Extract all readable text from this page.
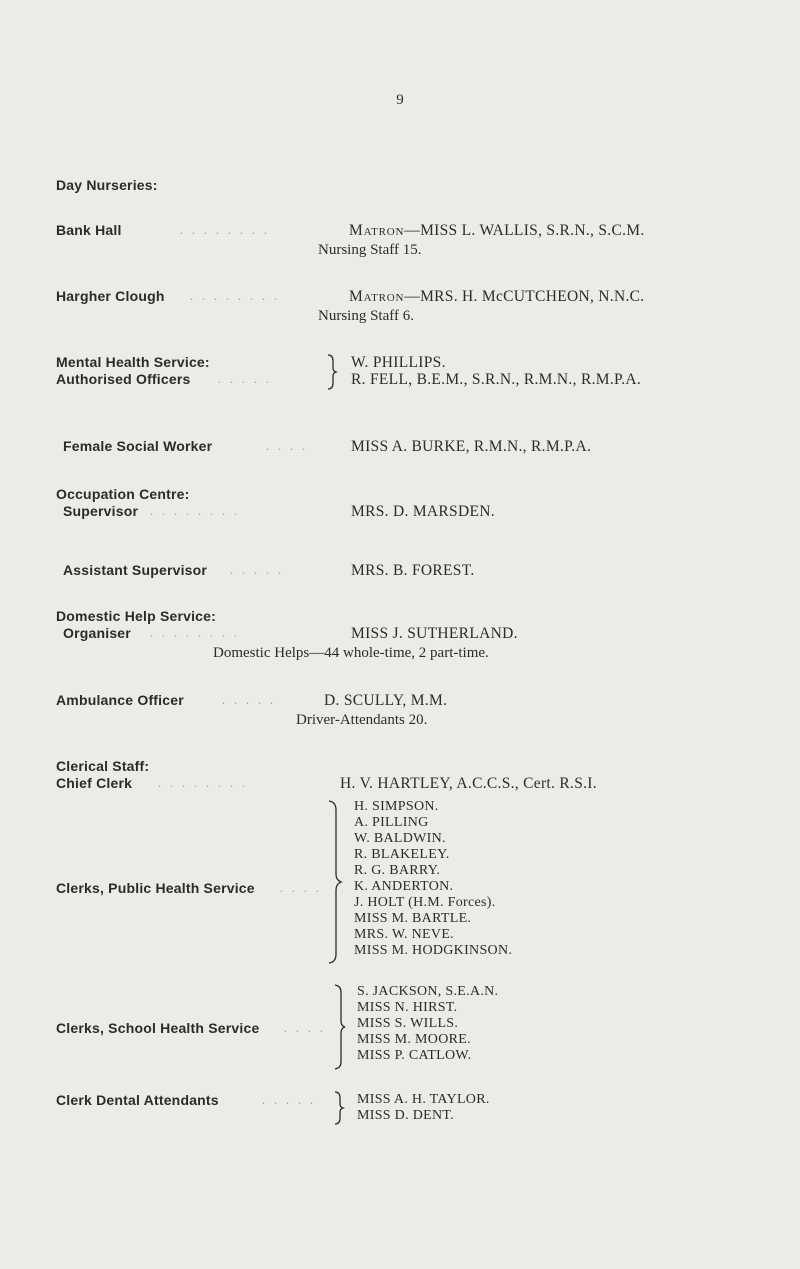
9
Day Nurseries:
Bank Hall	. . . . . . . .	Matron—MISS L. WALLIS, S.R.N., S.C.M.
Nursing Staff 15.
Hargher Clough . . . . . . . .	Matron—MRS. H. McCUTCHEON, N.N.C.
Nursing Staff 6.
Mental Health Service:
Authorised Officers . . . . .
W. PHILLIPS.
R. FELL, B.E.M., S.R.N., R.M.N., R.M.P.A.
Female Social Worker	. . . .	MISS A. BURKE, R.M.N., R.M.P.A.
Occupation Centre:
Supervisor . . . . . . . .	MRS. D. MARSDEN.
Assistant Supervisor . . . . .	MRS. B. FOREST.
Domestic Help Service:
Organiser . . . . . . . .	MISS J. SUTHERLAND.
Domestic Helps—44 whole-time, 2 part-time.
Ambulance Officer	. . . . .	D. SCULLY, M.M.
Driver-Attendants 20.
Clerical Staff:
Chief Clerk . . . . . . . .	H. V. HARTLEY, A.C.C.S., Cert. R.S.I.
Clerks, Public Health Service . . . .
H. SIMPSON.
A. PILLING
W. BALDWIN.
R. BLAKELEY.
R. G. BARRY.
K. ANDERTON.
J. HOLT (H.M. Forces).
MISS M. BARTLE.
MRS. W. NEVE.
MISS M. HODGKINSON.
Clerks, School Health Service . . . .
S. JACKSON, S.E.A.N.
MISS N. HIRST.
MISS S. WILLS.
MISS M. MOORE.
MISS P. CATLOW.
Clerk Dental Attendants	. . . . .	MISS A. H. TAYLOR.
MISS D. DENT.
